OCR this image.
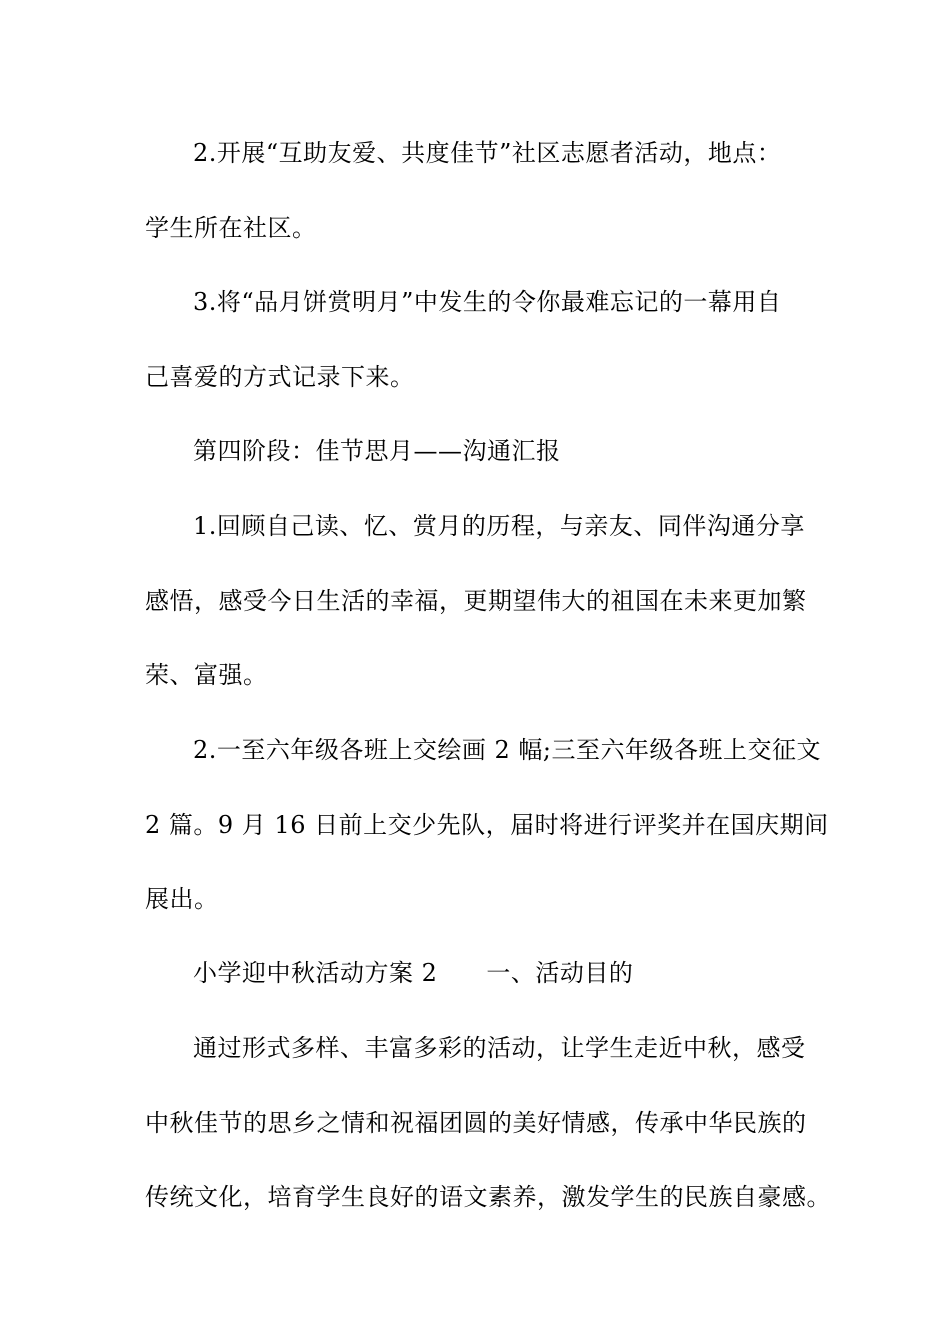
2.开展“互助友爱、共度佳节”社区志愿者活动，地点：
学生所在社区。
3.将“品月饼赏明月”中发生的令你最难忘记的一幕用自
己喜爱的方式记录下来。
第四阶段：佳节思月——沟通汇报
1.回顾自己读、忆、赏月的历程，与亲友、同伴沟通分享
感悟，感受今日生活的幸福，更期望伟大的祖国在未来更加繁
荣、富强。
2.一至六年级各班上交绘画 2 幅;三至六年级各班上交征文
2 篇。9 月 16 日前上交少先队，届时将进行评奖并在国庆期间
展出。
小学迎中秋活动方案 2　　一、活动目的
通过形式多样、丰富多彩的活动，让学生走近中秋，感受
中秋佳节的思乡之情和祝福团圆的美好情感，传承中华民族的
传统文化，培育学生良好的语文素养，激发学生的民族自豪感。
